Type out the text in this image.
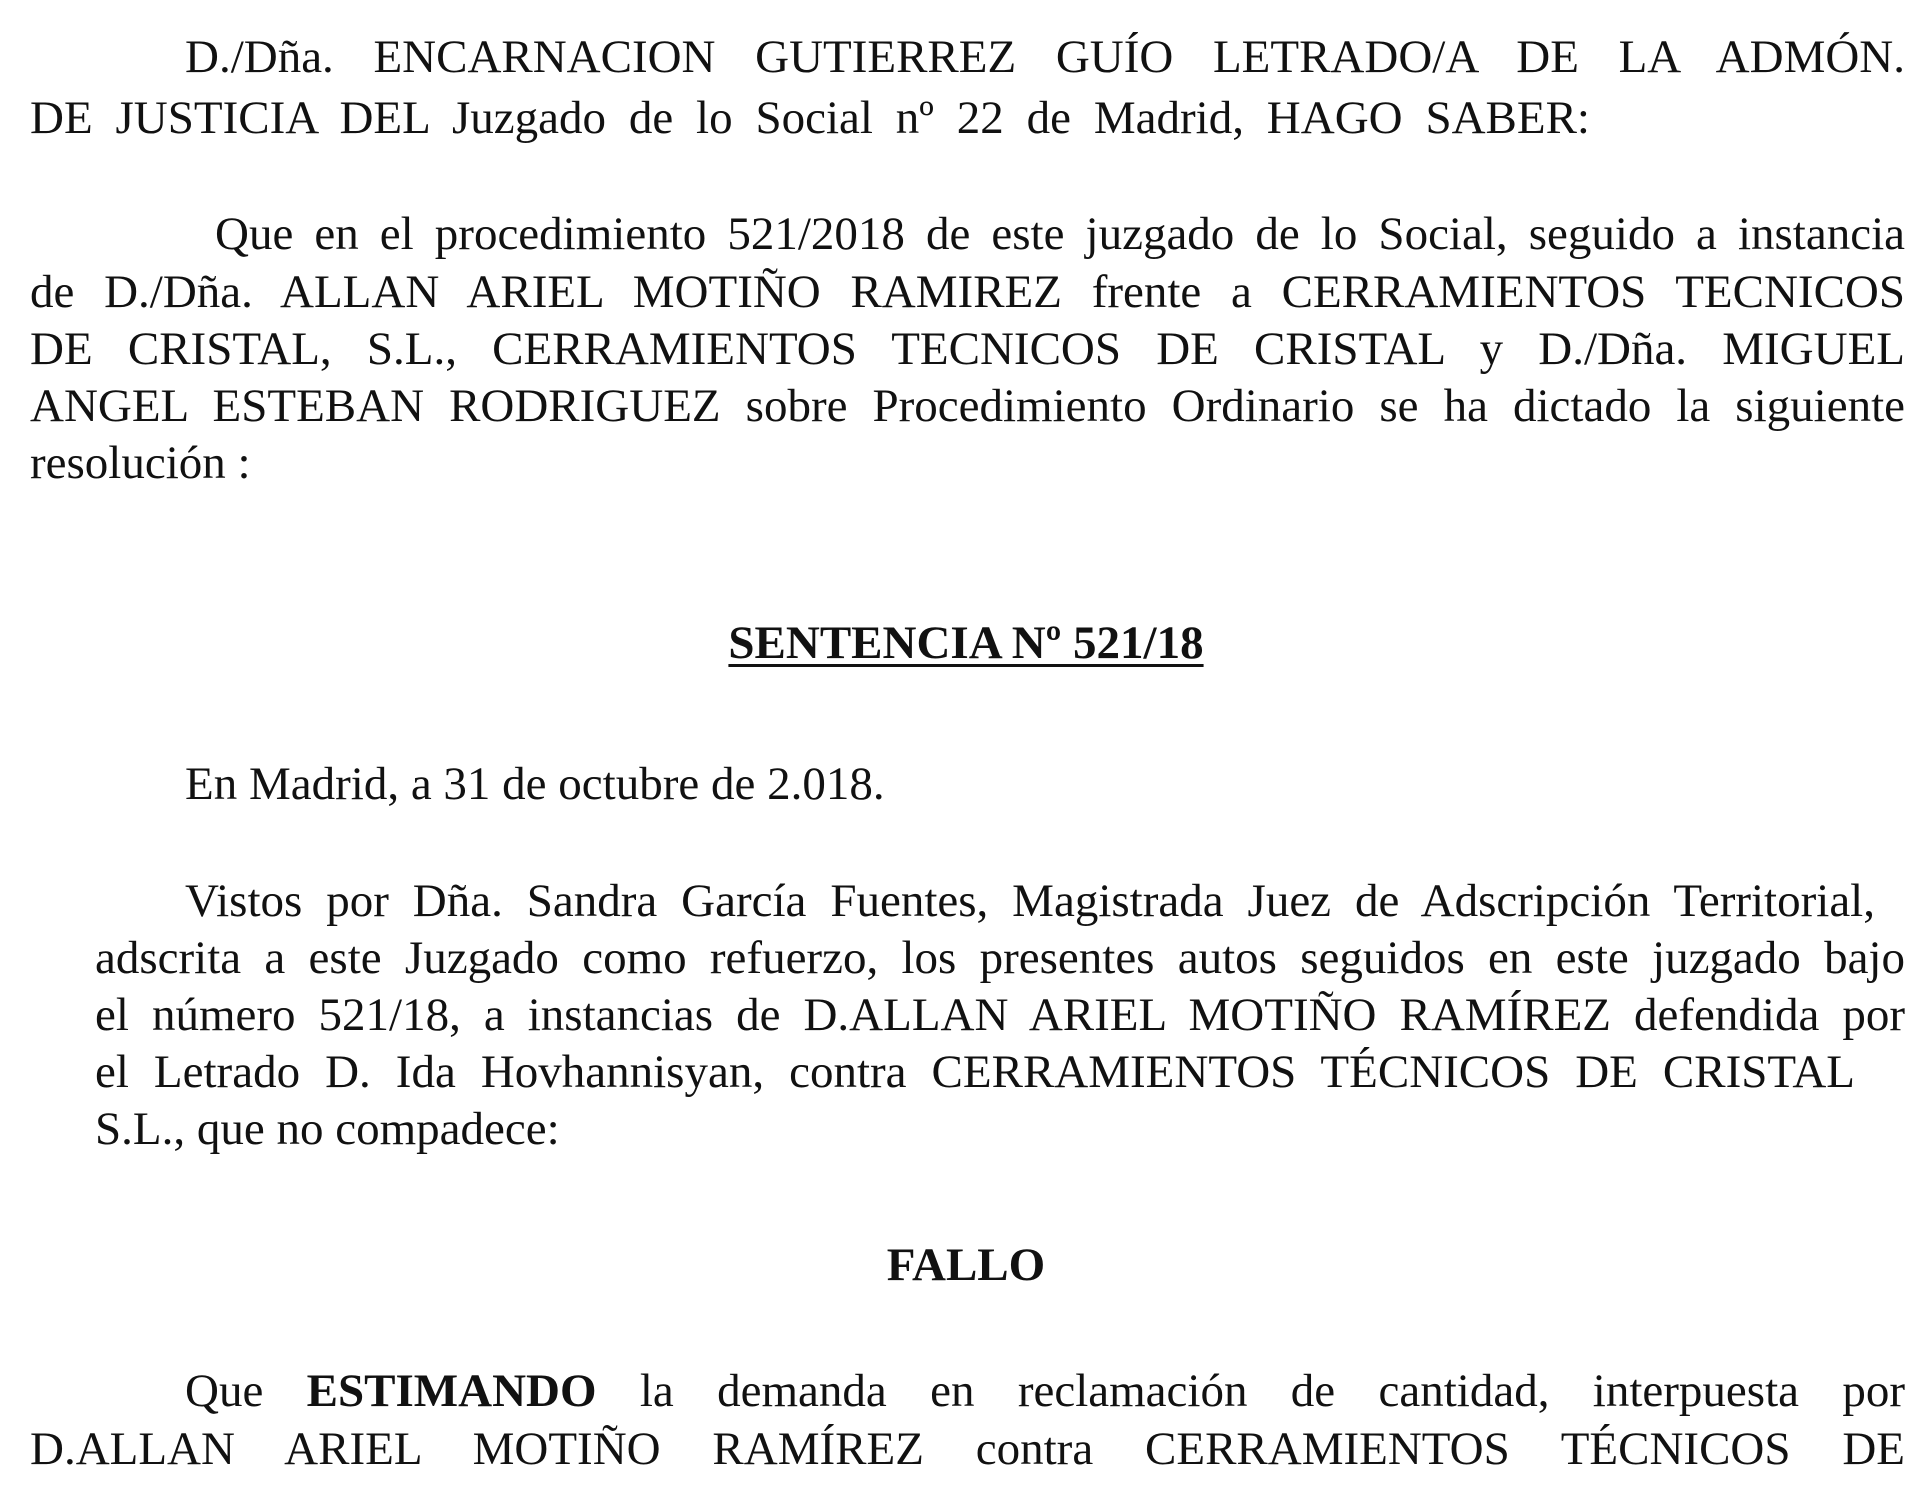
D./Dña. ENCARNACION GUTIERREZ GUÍO LETRADO/A DE LA ADMÓN.

DE JUSTICIA DEL Juzgado de lo Social nº 22 de Madrid, HAGO SABER:

Que en el procedimiento 521/2018 de este juzgado de lo Social, seguido a instancia

de D./Dña. ALLAN ARIEL MOTIÑO RAMIREZ frente a CERRAMIENTOS TECNICOS

DE CRISTAL, S.L., CERRAMIENTOS TECNICOS DE CRISTAL y D./Dña. MIGUEL

ANGEL ESTEBAN RODRIGUEZ sobre Procedimiento Ordinario se ha dictado la siguiente

resolución :

SENTENCIA Nº 521/18

En Madrid, a 31 de octubre de 2.018.

Vistos por Dña. Sandra García Fuentes, Magistrada Juez de Adscripción Territorial,

adscrita a este Juzgado como refuerzo, los presentes autos seguidos en este juzgado bajo

el número 521/18, a instancias de D.ALLAN ARIEL MOTIÑO RAMÍREZ defendida por

el Letrado D. Ida Hovhannisyan, contra CERRAMIENTOS TÉCNICOS DE CRISTAL

S.L., que no compadece:

FALLO

Que ESTIMANDO la demanda en reclamación de cantidad, interpuesta por

D.ALLAN ARIEL MOTIÑO RAMÍREZ contra CERRAMIENTOS TÉCNICOS DE
